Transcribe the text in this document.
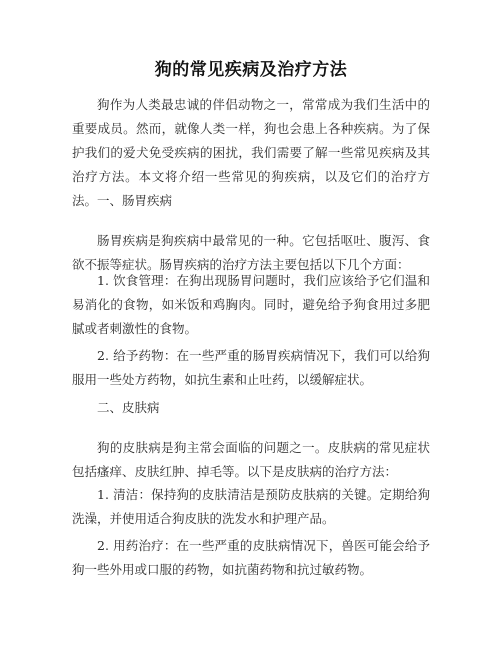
狗的常见疾病及治疗方法

狗作为人类最忠诚的伴侣动物之一，常常成为我们生活中的重要成员。然而，就像人类一样，狗也会患上各种疾病。为了保护我们的爱犬免受疾病的困扰，我们需要了解一些常见疾病及其治疗方法。本文将介绍一些常见的狗疾病，以及它们的治疗方法。 一、肠胃疾病

肠胃疾病是狗疾病中最常见的一种。它包括呕吐、腹泻、食欲不振等症状。肠胃疾病的治疗方法主要包括以下几个方面：

1. 饮食管理：在狗出现肠胃问题时，我们应该给予它们温和易消化的食物，如米饭和鸡胸肉。同时，避免给予狗食用过多肥腻或者刺激性的食物。

2. 给予药物：在一些严重的肠胃疾病情况下，我们可以给狗服用一些处方药物，如抗生素和止吐药，以缓解症状。

二、皮肤病

狗的皮肤病是狗主常会面临的问题之一。皮肤病的常见症状包括瘙痒、皮肤红肿、掉毛等。以下是皮肤病的治疗方法：

1. 清洁：保持狗的皮肤清洁是预防皮肤病的关键。定期给狗洗澡，并使用适合狗皮肤的洗发水和护理产品。

2. 用药治疗：在一些严重的皮肤病情况下，兽医可能会给予狗一些外用或口服的药物，如抗菌药物和抗过敏药物。
